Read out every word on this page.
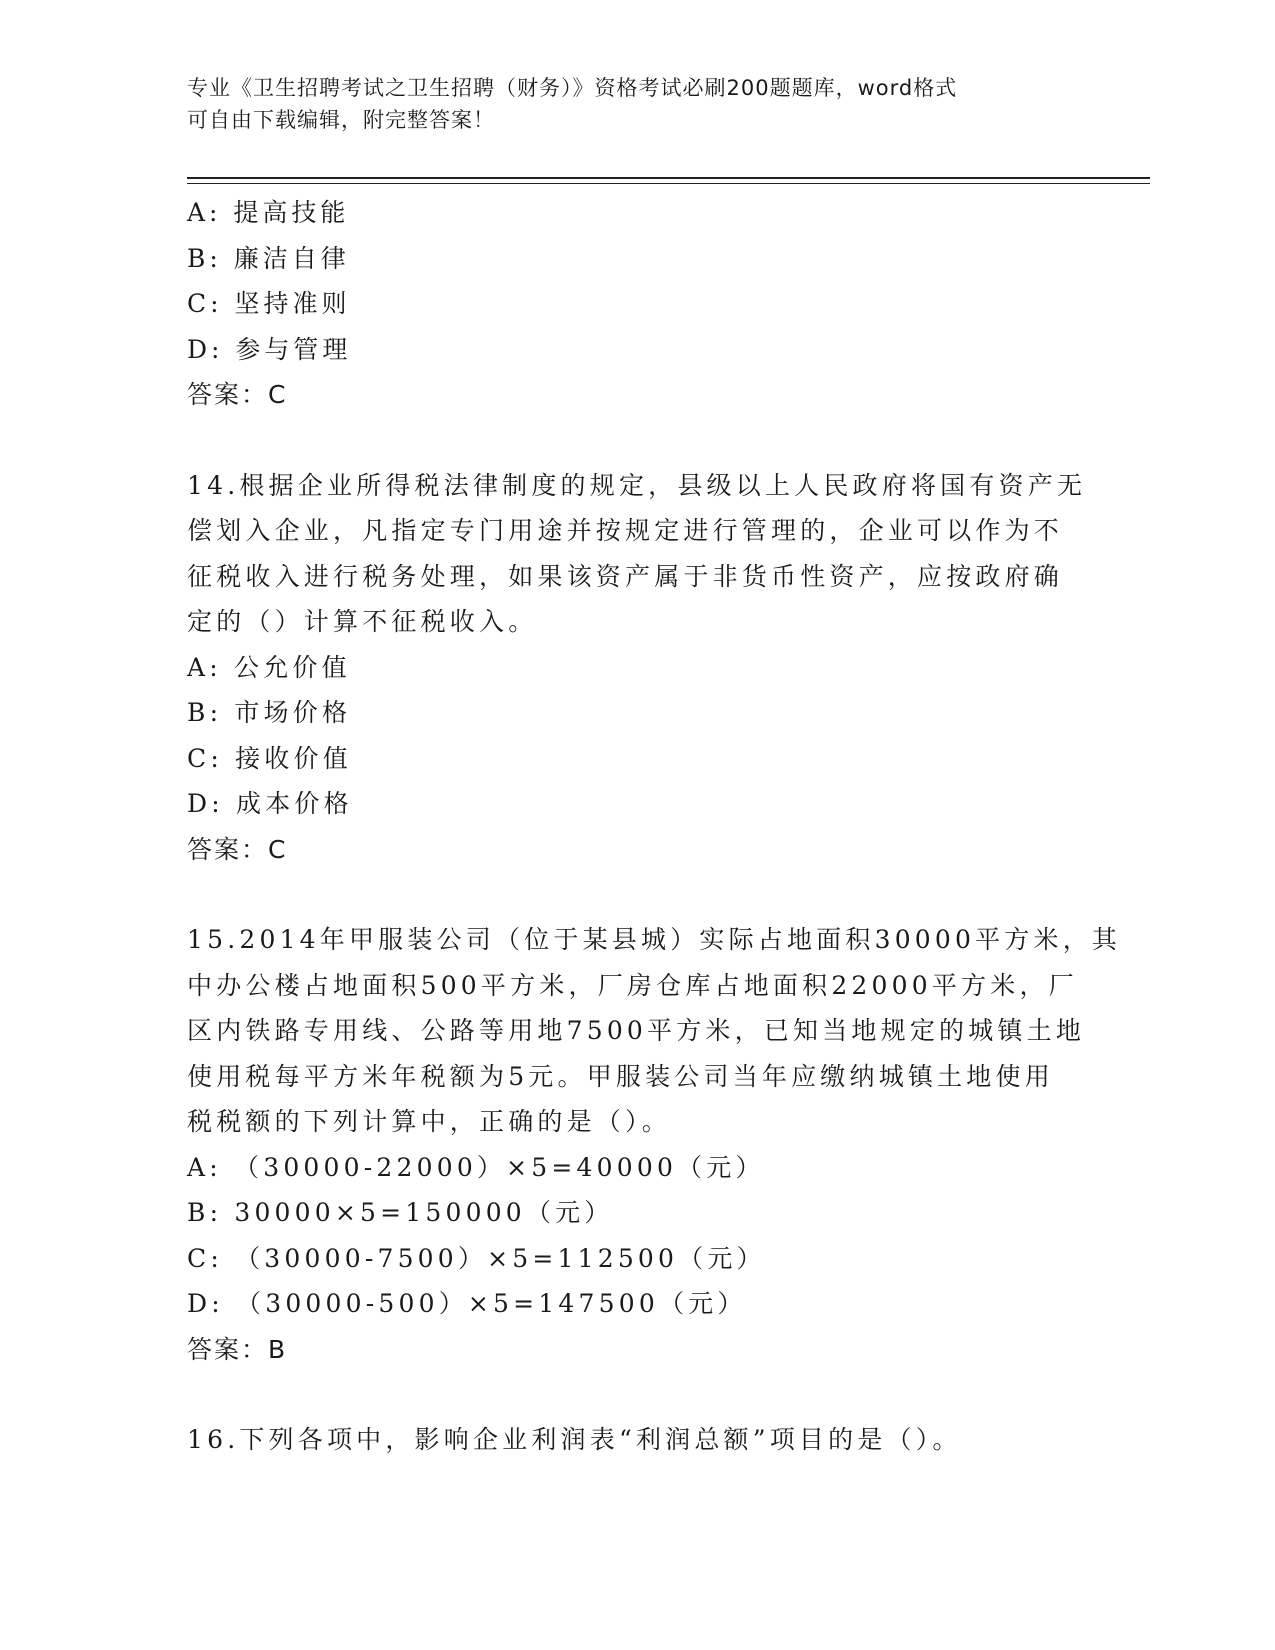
专业《卫生招聘考试之卫生招聘（财务）》资格考试必刷200题题库，word格式
可自由下载编辑，附完整答案！
A: 提高技能
B: 廉洁自律
C: 坚持准则
D: 参与管理
答案：C
14.根据企业所得税法律制度的规定，县级以上人民政府将国有资产无
偿划入企业，凡指定专门用途并按规定进行管理的，企业可以作为不
征税收入进行税务处理，如果该资产属于非货币性资产，应按政府确
定的（）计算不征税收入。
A: 公允价值
B: 市场价格
C: 接收价值
D: 成本价格
答案：C
15.2014年甲服装公司（位于某县城）实际占地面积30000平方米，其
中办公楼占地面积500平方米，厂房仓库占地面积22000平方米，厂
区内铁路专用线、公路等用地7500平方米，已知当地规定的城镇土地
使用税每平方米年税额为5元。甲服装公司当年应缴纳城镇土地使用
税税额的下列计算中，正确的是（）。
A: （30000-22000）×5=40000（元）
B: 30000×5=150000（元）
C: （30000-7500）×5=112500（元）
D: （30000-500）×5=147500（元）
答案：B
16.下列各项中，影响企业利润表“利润总额”项目的是（）。
